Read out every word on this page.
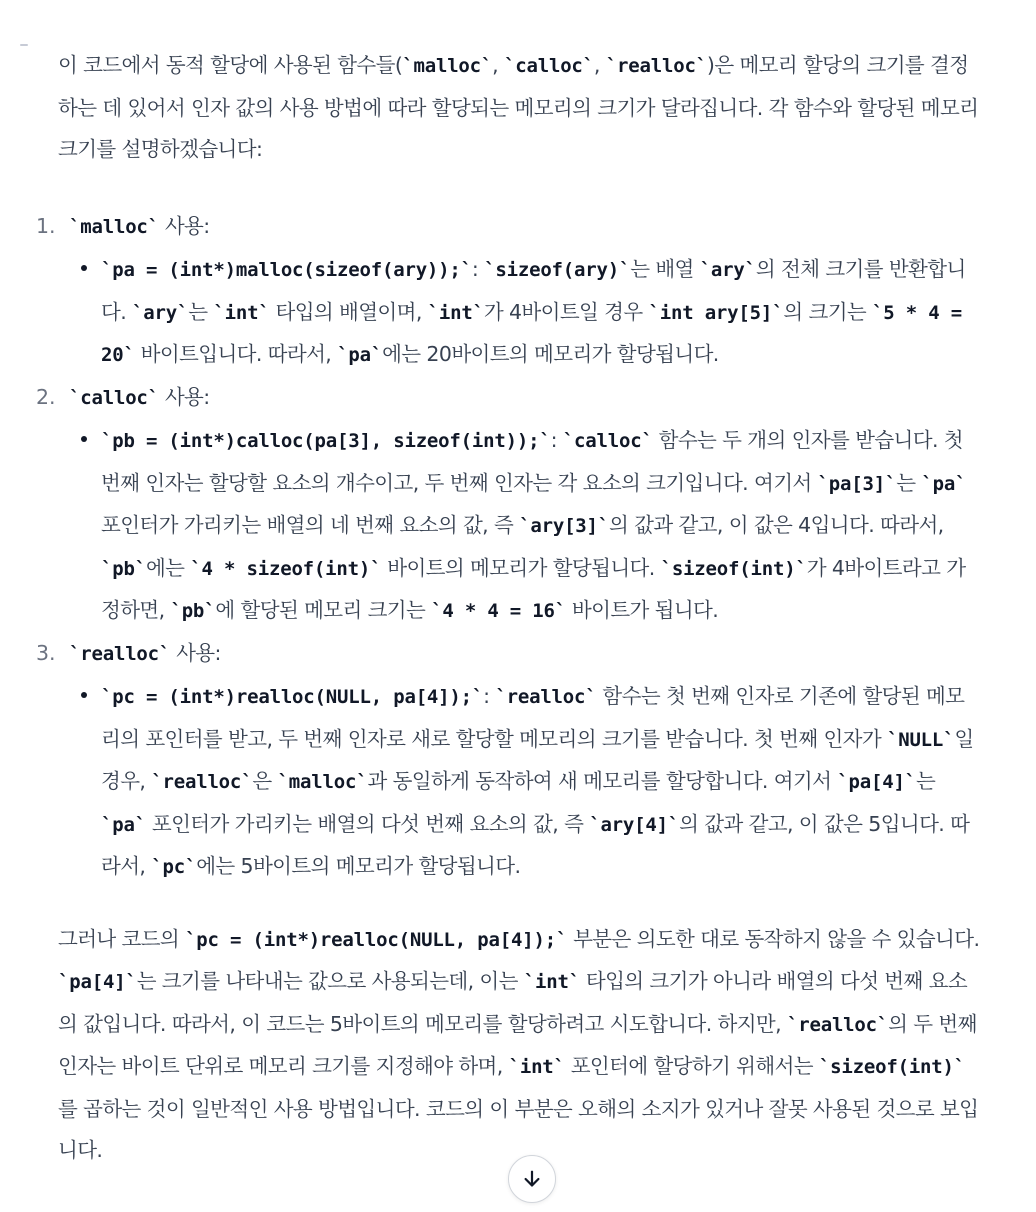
이 코드에서 동적 할당에 사용된 함수들(`malloc`, `calloc`, `realloc`)은 메모리 할당의 크기를 결정하는 데 있어서 인자 값의 사용 방법에 따라 할당되는 메모리의 크기가 달라집니다. 각 함수와 할당된 메모리 크기를 설명하겠습니다:

1. `malloc` 사용:

`pa = (int*)malloc(sizeof(ary));`: `sizeof(ary)`는 배열 `ary`의 전체 크기를 반환합니다. `ary`는 `int` 타입의 배열이며, `int`가 4바이트일 경우 `int ary[5]`의 크기는 `5 * 4 = 20` 바이트입니다. 따라서, `pa`에는 20바이트의 메모리가 할당됩니다.

2. `calloc` 사용:

`pb = (int*)calloc(pa[3], sizeof(int));`: `calloc` 함수는 두 개의 인자를 받습니다. 첫 번째 인자는 할당할 요소의 개수이고, 두 번째 인자는 각 요소의 크기입니다. 여기서 `pa[3]`는 `pa` 포인터가 가리키는 배열의 네 번째 요소의 값, 즉 `ary[3]`의 값과 같고, 이 값은 4입니다. 따라서, `pb`에는 `4 * sizeof(int)` 바이트의 메모리가 할당됩니다. `sizeof(int)`가 4바이트라고 가정하면, `pb`에 할당된 메모리 크기는 `4 * 4 = 16` 바이트가 됩니다.

3. `realloc` 사용:

`pc = (int*)realloc(NULL, pa[4]);`: `realloc` 함수는 첫 번째 인자로 기존에 할당된 메모리의 포인터를 받고, 두 번째 인자로 새로 할당할 메모리의 크기를 받습니다. 첫 번째 인자가 `NULL`일 경우, `realloc`은 `malloc`과 동일하게 동작하여 새 메모리를 할당합니다. 여기서 `pa[4]`는 `pa` 포인터가 가리키는 배열의 다섯 번째 요소의 값, 즉 `ary[4]`의 값과 같고, 이 값은 5입니다. 따라서, `pc`에는 5바이트의 메모리가 할당됩니다.

그러나 코드의 `pc = (int*)realloc(NULL, pa[4]);` 부분은 의도한 대로 동작하지 않을 수 있습니다. `pa[4]`는 크기를 나타내는 값으로 사용되는데, 이는 `int` 타입의 크기가 아니라 배열의 다섯 번째 요소의 값입니다. 따라서, 이 코드는 5바이트의 메모리를 할당하려고 시도합니다. 하지만, `realloc`의 두 번째 인자는 바이트 단위로 메모리 크기를 지정해야 하며, `int` 포인터에 할당하기 위해서는 `sizeof(int)`를 곱하는 것이 일반적인 사용 방법입니다. 코드의 이 부분은 오해의 소지가 있거나 잘못 사용된 것으로 보입니다.
